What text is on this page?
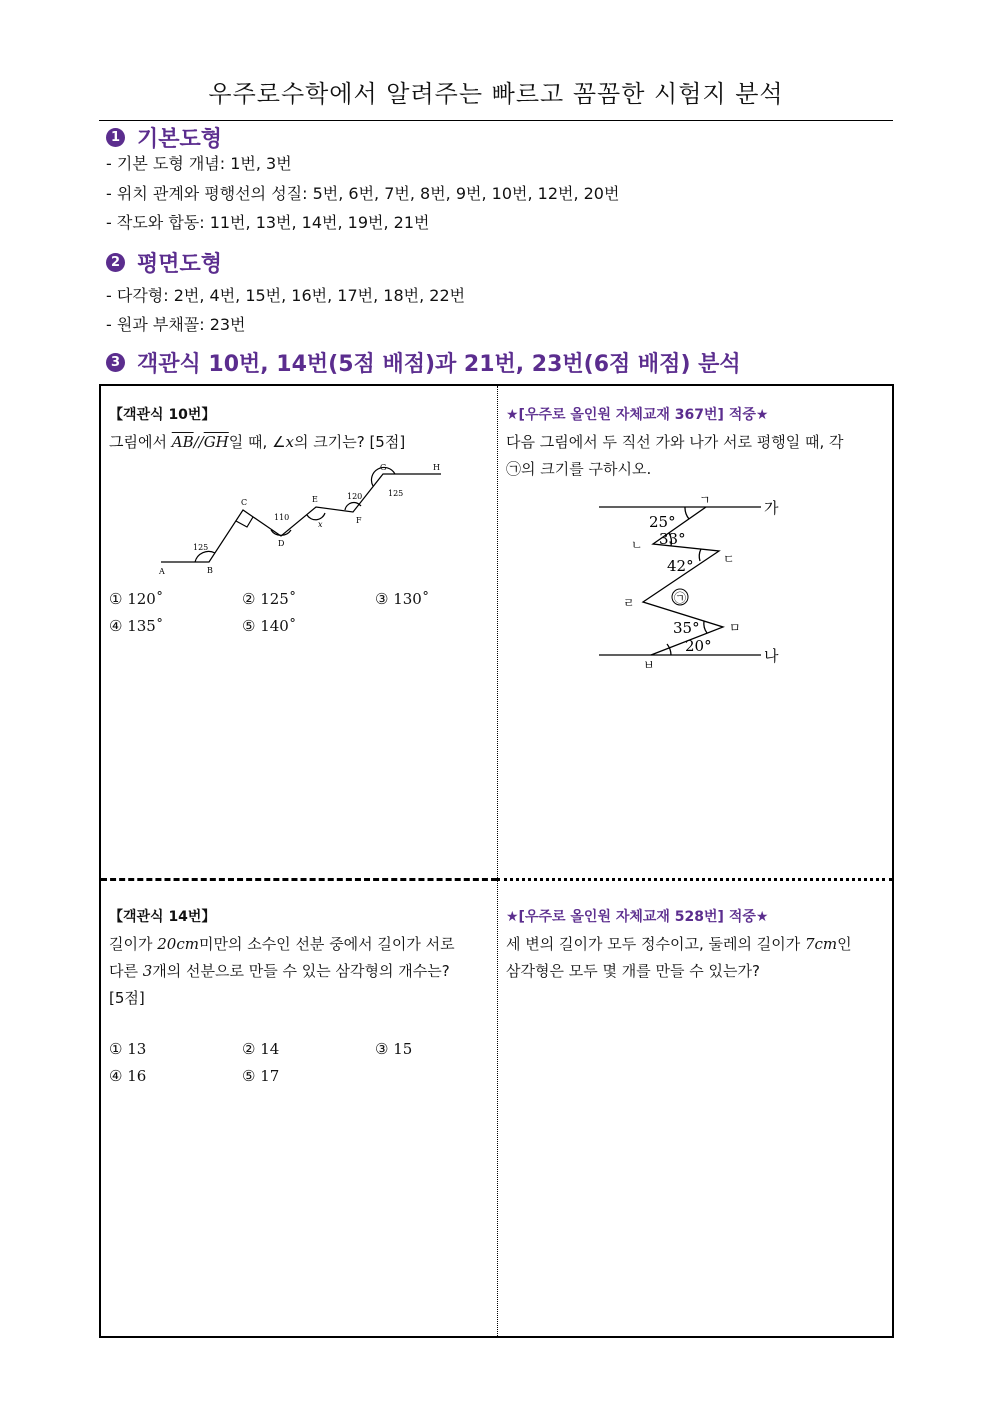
우주로수학에서 알려주는 빠르고 꼼꼼한 시험지 분석
1 기본도형
- 기본 도형 개념: 1번, 3번
- 위치 관계와 평행선의 성질: 5번, 6번, 7번, 8번, 9번, 10번, 12번, 20번
- 작도와 합동: 11번, 13번, 14번, 19번, 21번
2 평면도형
- 다각형: 2번, 4번, 15번, 16번, 17번, 18번, 22번
- 원과 부채꼴: 23번
3 객관식 10번, 14번(5점 배점)과 21번, 23번(6점 배점) 분석
【객관식 10번】
그림에서 $\overline{AB}//\overline{GH}$일 때, ∠x의 크기는? [5점]
A	B
C
D
E
F
G	H
125
110
120	125
x
① 120˚	② 125˚	③ 130˚
④ 135˚	⑤ 140˚
★[우주로 올인원 자체교재 367번] 적중★
다음 그림에서 두 직선 가와 나가 서로 평행일 때, 각
㉠의 크기를 구하시오.
가
나
ㄱ
ㄴ
ㄷ
ㄹ
ㅁ
ㅂ
25°
33°
42°
㉠
35°
20°
【객관식 14번】
길이가 20cm미만의 소수인 선분 중에서 길이가 서로
다른 3개의 선분으로 만들 수 있는 삼각형의 개수는?
[5점]
① 13	② 14	③ 15
④ 16	⑤ 17
★[우주로 올인원 자체교재 528번] 적중★
세 변의 길이가 모두 정수이고, 둘레의 길이가 7cm인
삼각형은 모두 몇 개를 만들 수 있는가?
